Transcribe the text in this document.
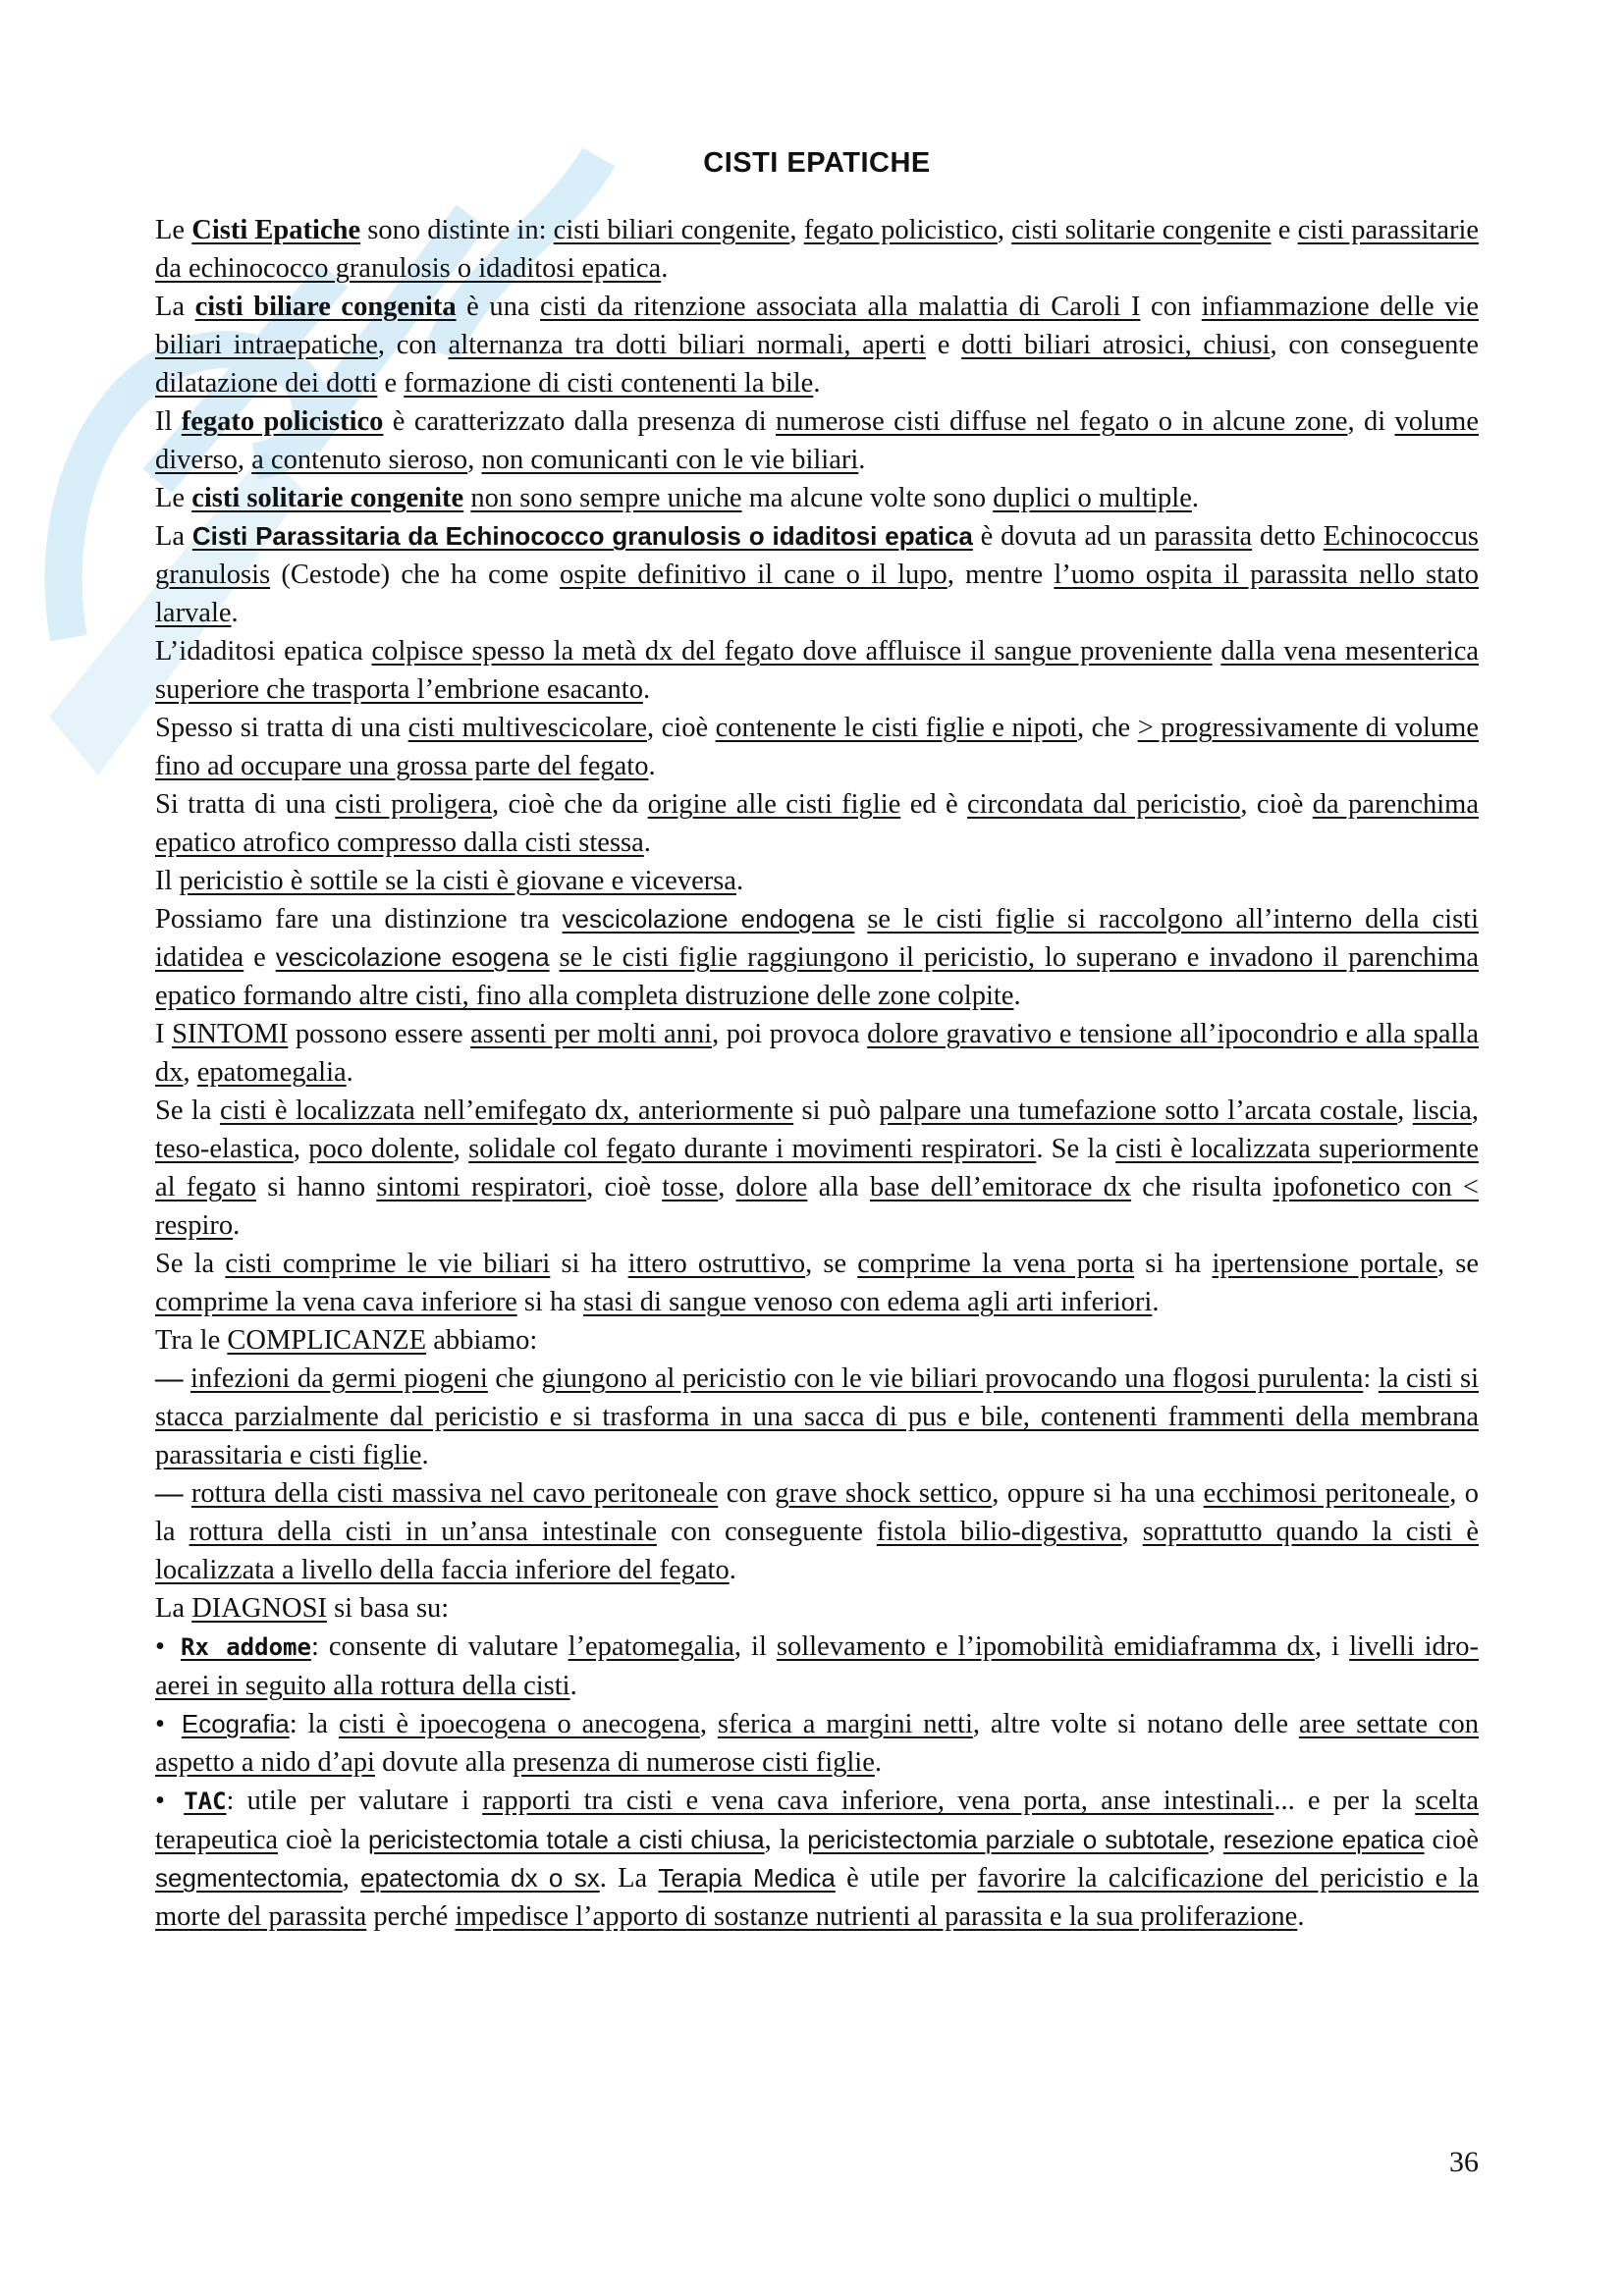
CISTI EPATICHE

Le Cisti Epatiche sono distinte in: cisti biliari congenite, fegato policistico, cisti solitarie congenite e cisti parassitarie da echinococco granulosis o idaditosi epatica.

La cisti biliare congenita è una cisti da ritenzione associata alla malattia di Caroli I con infiammazione delle vie biliari intraepatiche, con alternanza tra dotti biliari normali, aperti e dotti biliari atrosici, chiusi, con conseguente dilatazione dei dotti e formazione di cisti contenenti la bile.

Il fegato policistico è caratterizzato dalla presenza di numerose cisti diffuse nel fegato o in alcune zone, di volume diverso, a contenuto sieroso, non comunicanti con le vie biliari.

Le cisti solitarie congenite non sono sempre uniche ma alcune volte sono duplici o multiple.

La Cisti Parassitaria da Echinococco granulosis o idaditosi epatica è dovuta ad un parassita detto Echinococcus granulosis (Cestode) che ha come ospite definitivo il cane o il lupo, mentre l’uomo ospita il parassita nello stato larvale.

L’idaditosi epatica colpisce spesso la metà dx del fegato dove affluisce il sangue proveniente dalla vena mesenterica superiore che trasporta l’embrione esacanto.

Spesso si tratta di una cisti multivescicolare, cioè contenente le cisti figlie e nipoti, che > progressivamente di volume fino ad occupare una grossa parte del fegato.

Si tratta di una cisti proligera, cioè che da origine alle cisti figlie ed è circondata dal pericistio, cioè da parenchima epatico atrofico compresso dalla cisti stessa.

Il pericistio è sottile se la cisti è giovane e viceversa.

Possiamo fare una distinzione tra vescicolazione endogena se le cisti figlie si raccolgono all’interno della cisti idatidea e vescicolazione esogena se le cisti figlie raggiungono il pericistio, lo superano e invadono il parenchima epatico formando altre cisti, fino alla completa distruzione delle zone colpite.

I SINTOMI possono essere assenti per molti anni, poi provoca dolore gravativo e tensione all’ipocondrio e alla spalla dx, epatomegalia.

Se la cisti è localizzata nell’emifegato dx, anteriormente si può palpare una tumefazione sotto l’arcata costale, liscia, teso-elastica, poco dolente, solidale col fegato durante i movimenti respiratori. Se la cisti è localizzata superiormente al fegato si hanno sintomi respiratori, cioè tosse, dolore alla base dell’emitorace dx che risulta ipofonetico con < respiro.

Se la cisti comprime le vie biliari si ha ittero ostruttivo, se comprime la vena porta si ha ipertensione portale, se comprime la vena cava inferiore si ha stasi di sangue venoso con edema agli arti inferiori.

Tra le COMPLICANZE abbiamo:

― infezioni da germi piogeni che giungono al pericistio con le vie biliari provocando una flogosi purulenta: la cisti si stacca parzialmente dal pericistio e si trasforma in una sacca di pus e bile, contenenti frammenti della membrana parassitaria e cisti figlie.

― rottura della cisti massiva nel cavo peritoneale con grave shock settico, oppure si ha una ecchimosi peritoneale, o la rottura della cisti in un’ansa intestinale con conseguente fistola bilio-digestiva, soprattutto quando la cisti è localizzata a livello della faccia inferiore del fegato.

La DIAGNOSI si basa su:

• Rx addome: consente di valutare l’epatomegalia, il sollevamento e l’ipomobilità emidiaframma dx, i livelli idro-aerei in seguito alla rottura della cisti.

• Ecografia: la cisti è ipoecogena o anecogena, sferica a margini netti, altre volte si notano delle aree settate con aspetto a nido d’api dovute alla presenza di numerose cisti figlie.

• TAC: utile per valutare i rapporti tra cisti e vena cava inferiore, vena porta, anse intestinali... e per la scelta terapeutica cioè la pericistectomia totale a cisti chiusa, la pericistectomia parziale o subtotale, resezione epatica cioè segmentectomia, epatectomia dx o sx. La Terapia Medica è utile per favorire la calcificazione del pericistio e la morte del parassita perché impedisce l’apporto di sostanze nutrienti al parassita e la sua proliferazione.

36
